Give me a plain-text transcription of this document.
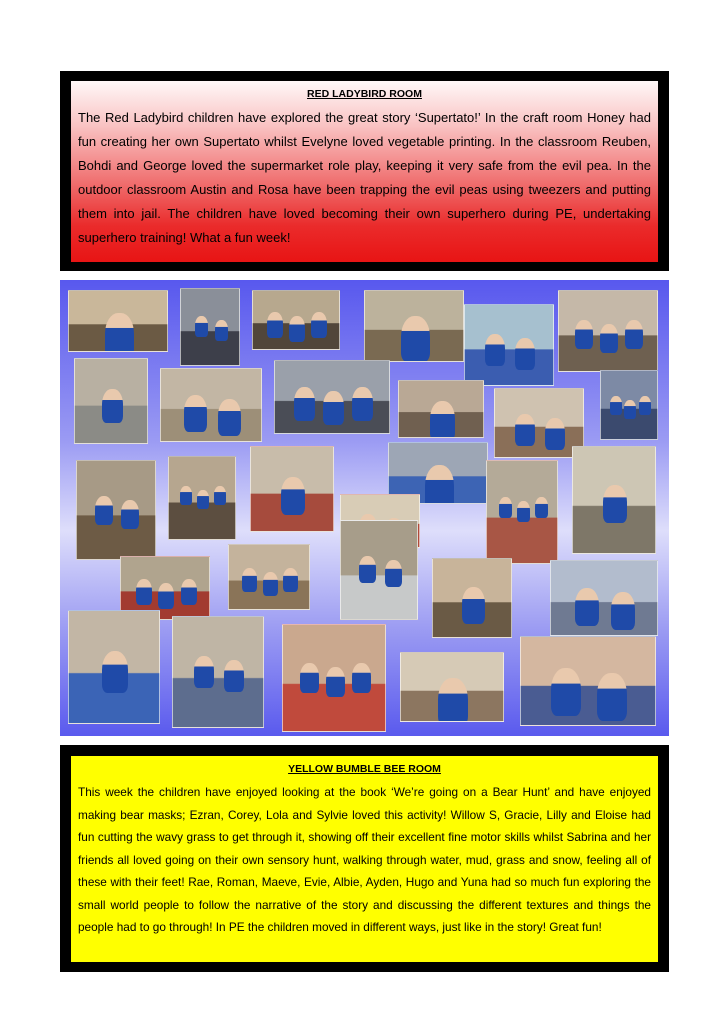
RED LADYBIRD ROOM

The Red Ladybird children have explored the great story ‘Supertato!’ In the craft room Honey had fun creating her own Supertato whilst Evelyne loved vegetable printing. In the classroom Reuben, Bohdi and George loved the supermarket role play, keeping it very safe from the evil pea. In the outdoor classroom Austin and Rosa have been trapping the evil peas using tweezers and putting them into jail. The children have loved becoming their own superhero during PE, undertaking superhero training! What a fun week!

YELLOW BUMBLE BEE ROOM

This week the children have enjoyed looking at the book ‘We’re going on a Bear Hunt’ and have enjoyed making bear masks; Ezran, Corey, Lola and Sylvie loved this activity! Willow S, Gracie, Lilly and Eloise had fun cutting the wavy grass to get through it, showing off their excellent fine motor skills whilst Sabrina and her friends all loved going on their own sensory hunt, walking through water, mud, grass and snow, feeling all of these with their feet! Rae, Roman, Maeve, Evie, Albie, Ayden, Hugo and Yuna had so much fun exploring the small world people to follow the narrative of the story and discussing the different textures and things the people had to go through! In PE the children moved in different ways, just like in the story! Great fun!
